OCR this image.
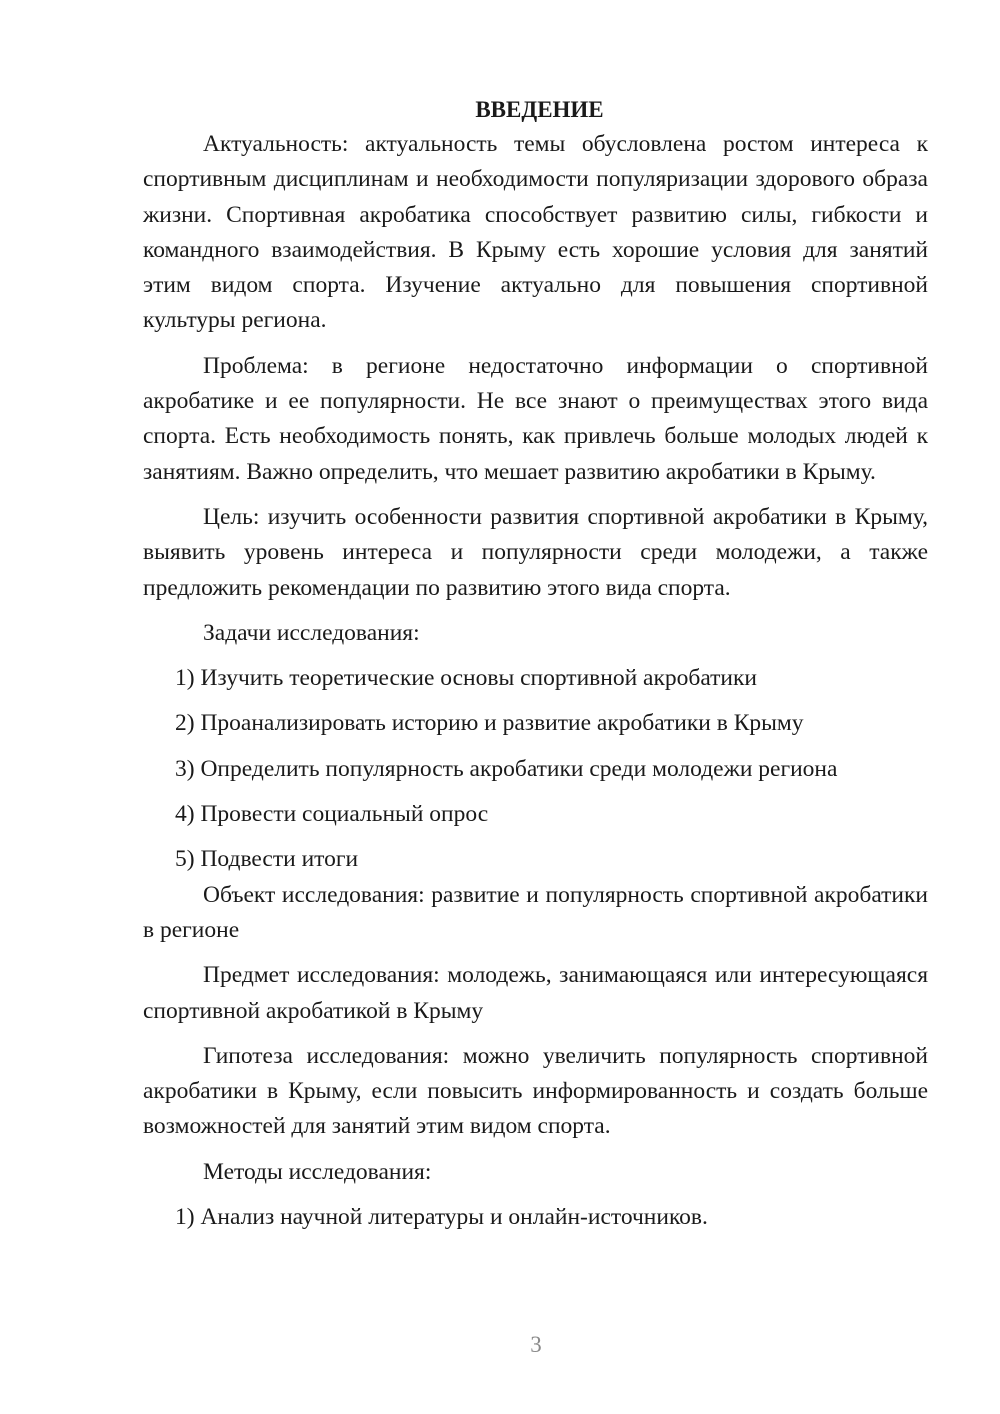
ВВЕДЕНИЕ

Актуальность: актуальность темы обусловлена ростом интереса к спортивным дисциплинам и необходимости популяризации здорового образа жизни. Спортивная акробатика способствует развитию силы, гибкости и командного взаимодействия. В Крыму есть хорошие условия для занятий этим видом спорта. Изучение актуально для повышения спортивной культуры региона.

Проблема: в регионе недостаточно информации о спортивной акробатике и ее популярности. Не все знают о преимуществах этого вида спорта. Есть необходимость понять, как привлечь больше молодых людей к занятиям. Важно определить, что мешает развитию акробатики в Крыму.

Цель: изучить особенности развития спортивной акробатики в Крыму, выявить уровень интереса и популярности среди молодежи, а также предложить рекомендации по развитию этого вида спорта.

Задачи исследования:

1) Изучить теоретические основы спортивной акробатики
2) Проанализировать историю и развитие акробатики в Крыму
3) Определить популярность акробатики среди молодежи региона
4) Провести социальный опрос
5) Подвести итоги

Объект исследования: развитие и популярность спортивной акробатики в регионе

Предмет исследования: молодежь, занимающаяся или интересующаяся спортивной акробатикой в Крыму

Гипотеза исследования: можно увеличить популярность спортивной акробатики в Крыму, если повысить информированность и создать больше возможностей для занятий этим видом спорта.

Методы исследования:

1) Анализ научной литературы и онлайн-источников.
3
